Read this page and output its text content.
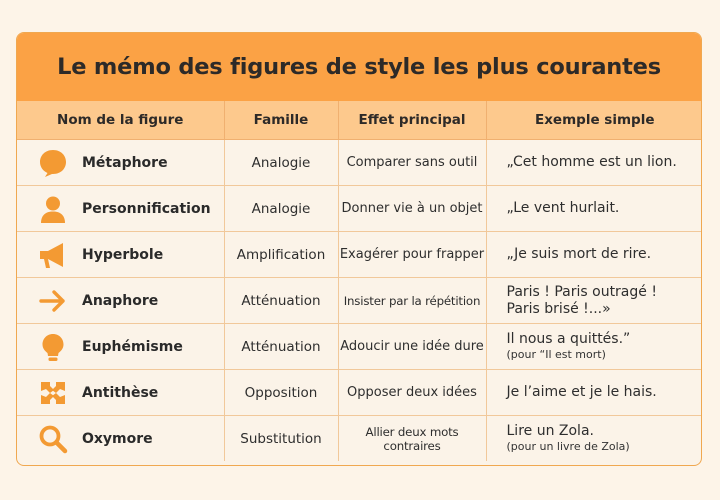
Le mémo des figures de style les plus courantes
Nom de la figure	Famille	Effet principal	Exemple simple

Métaphore	Analogie	Comparer sans outil	„Cet homme est un lion.

Personnification	Analogie	Donner vie à un objet	„Le vent hurlait.

Hyperbole	Amplification	Exagérer pour frapper	„Je suis mort de rire.

Anaphore	Atténuation	Insister par la répétition	Paris ! Paris outragé !
Paris brisé !...»

Euphémisme	Atténuation	Adoucir une idée dure	Il nous a quittés.”
(pour “Il est mort)

Antithèse	Opposition	Opposer deux idées	Je l’aime et je le hais.

Oxymore	Substitution	Allier deux mots contraires	Lire un Zola.
(pour un livre de Zola)
